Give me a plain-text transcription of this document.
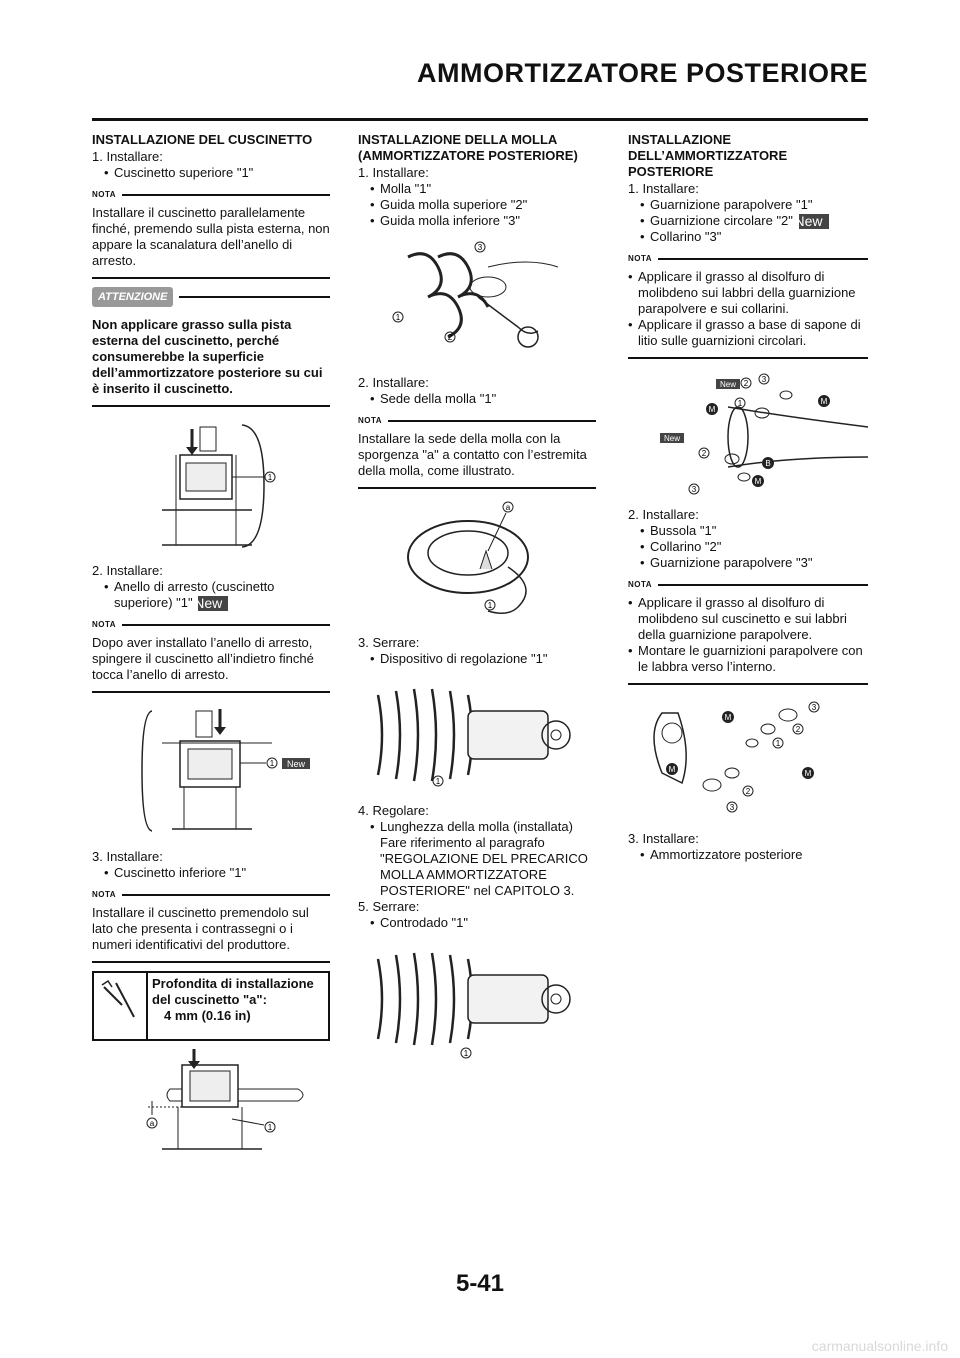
AMMORTIZZATORE POSTERIORE

INSTALLAZIONE DEL CUSCINETTO

1. Installare:

• Cuscinetto superiore "1"

NOTA

Installare il cuscinetto parallelamente finché, premendo sulla pista esterna, non appare la scanalatura dell’anello di arresto.

ATTENZIONE

Non applicare grasso sulla pista esterna del cuscinetto, perché consumerebbe la superficie dell’ammortizzatore posteriore su cui è inserito il cuscinetto.

1

2. Installare:

• Anello di arresto (cuscinetto superiore) "1" New

NOTA

Dopo aver installato l’anello di arresto, spingere il cuscinetto all’indietro finché tocca l’anello di arresto.

1 New

3. Installare:

• Cuscinetto inferiore "1"

NOTA

Installare il cuscinetto premendolo sul lato che presenta i contrassegni o i numeri identificativi del produttore.

Profondita di installazione del cuscinetto "a":
4 mm (0.16 in)
a	1

INSTALLAZIONE DELLA MOLLA (AMMORTIZZATORE POSTERIORE)

1. Installare:

• Molla "1"

• Guida molla superiore "2"

• Guida molla inferiore "3"

3
1
2

2. Installare:

• Sede della molla "1"

NOTA

Installare la sede della molla con la sporgenza "a" a contatto con l’estremita della molla, come illustrato.

a
1

3. Serrare:

• Dispositivo di regolazione "1"

1

4. Regolare:

• Lunghezza della molla (installata) Fare riferimento al paragrafo "REGOLAZIONE DEL PRECARICO MOLLA AMMORTIZZATORE POSTERIORE" nel CAPITOLO 3.

5. Serrare:

• Controdado "1"

1

INSTALLAZIONE DELL’AMMORTIZZATORE POSTERIORE

1. Installare:

• Guarnizione parapolvere "1"

• Guarnizione circolare "2" New

• Collarino "3"

NOTA

• Applicare il grasso al disolfuro di molibdeno sui labbri della guarnizione parapolvere e sui collarini.

• Applicare il grasso a base di sapone di litio sulle guarnizioni circolari.

New
New
2 3
1
2
3
M
M
B
M

2. Installare:

• Bussola "1"

• Collarino "2"

• Guarnizione parapolvere "3"

NOTA

• Applicare il grasso al disolfuro di molibdeno sul cuscinetto e sui labbri della guarnizione parapolvere.

• Montare le guarnizioni parapolvere con le labbra verso l’interno.

3
2
1
2
3
M
M	M

3. Installare:

• Ammortizzatore posteriore

5-41
carmanualsonline.info
